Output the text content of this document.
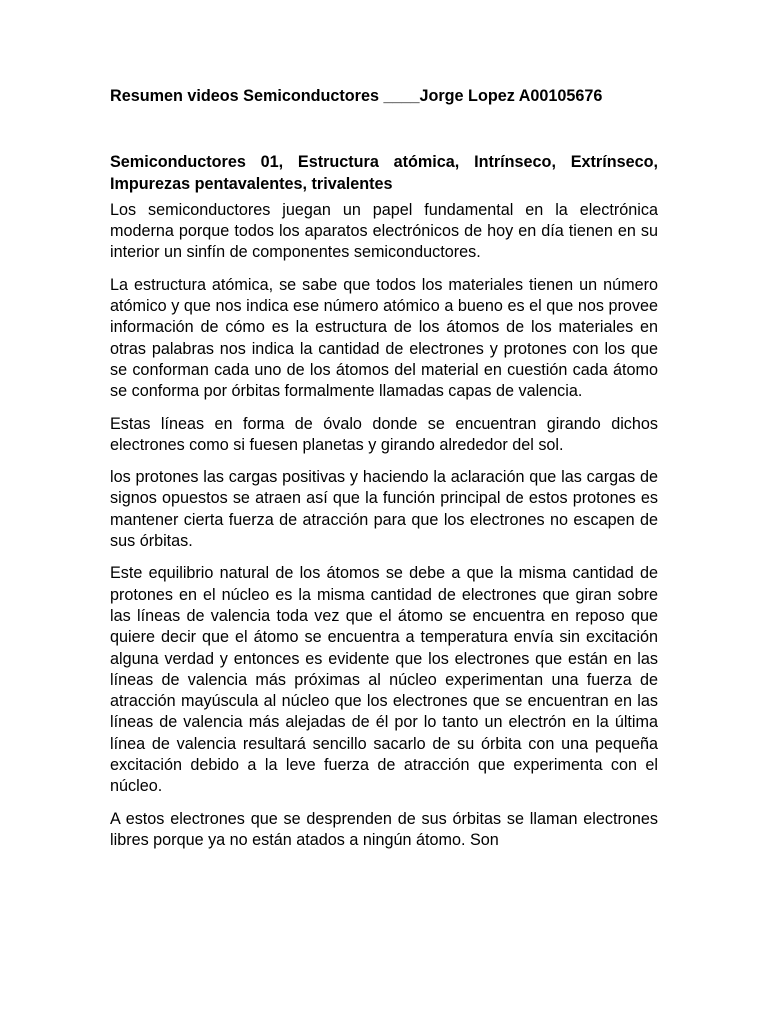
Resumen videos Semiconductores ____Jorge Lopez A00105676

Semiconductores 01, Estructura atómica, Intrínseco, Extrínseco, Impurezas pentavalentes, trivalentes

Los semiconductores juegan un papel fundamental en la electrónica moderna porque todos los aparatos electrónicos de hoy en día tienen en su interior un sinfín de componentes semiconductores.

La estructura atómica, se sabe que todos los materiales tienen un número atómico y que nos indica ese número atómico a bueno es el que nos provee información de cómo es la estructura de los átomos de los materiales en otras palabras nos indica la cantidad de electrones y protones con los que se conforman cada uno de los átomos del material en cuestión cada átomo se conforma por órbitas formalmente llamadas capas de valencia.

Estas líneas en forma de óvalo donde se encuentran girando dichos electrones como si fuesen planetas y girando alrededor del sol.

los protones las cargas positivas y haciendo la aclaración que las cargas de signos opuestos se atraen así que la función principal de estos protones es mantener cierta fuerza de atracción para que los electrones no escapen de sus órbitas.

Este equilibrio natural de los átomos se debe a que la misma cantidad de protones en el núcleo es la misma cantidad de electrones que giran sobre las líneas de valencia toda vez que el átomo se encuentra en reposo que quiere decir que el átomo se encuentra a temperatura envía sin excitación alguna verdad y entonces es evidente que los electrones que están en las líneas de valencia más próximas al núcleo experimentan una fuerza de atracción mayúscula al núcleo que los electrones que se encuentran en las líneas de valencia más alejadas de él por lo tanto un electrón en la última línea de valencia resultará sencillo sacarlo de su órbita con una pequeña excitación debido a la leve fuerza de atracción que experimenta con el núcleo.

A estos electrones que se desprenden de sus órbitas se llaman electrones libres porque ya no están atados a ningún átomo. Son
